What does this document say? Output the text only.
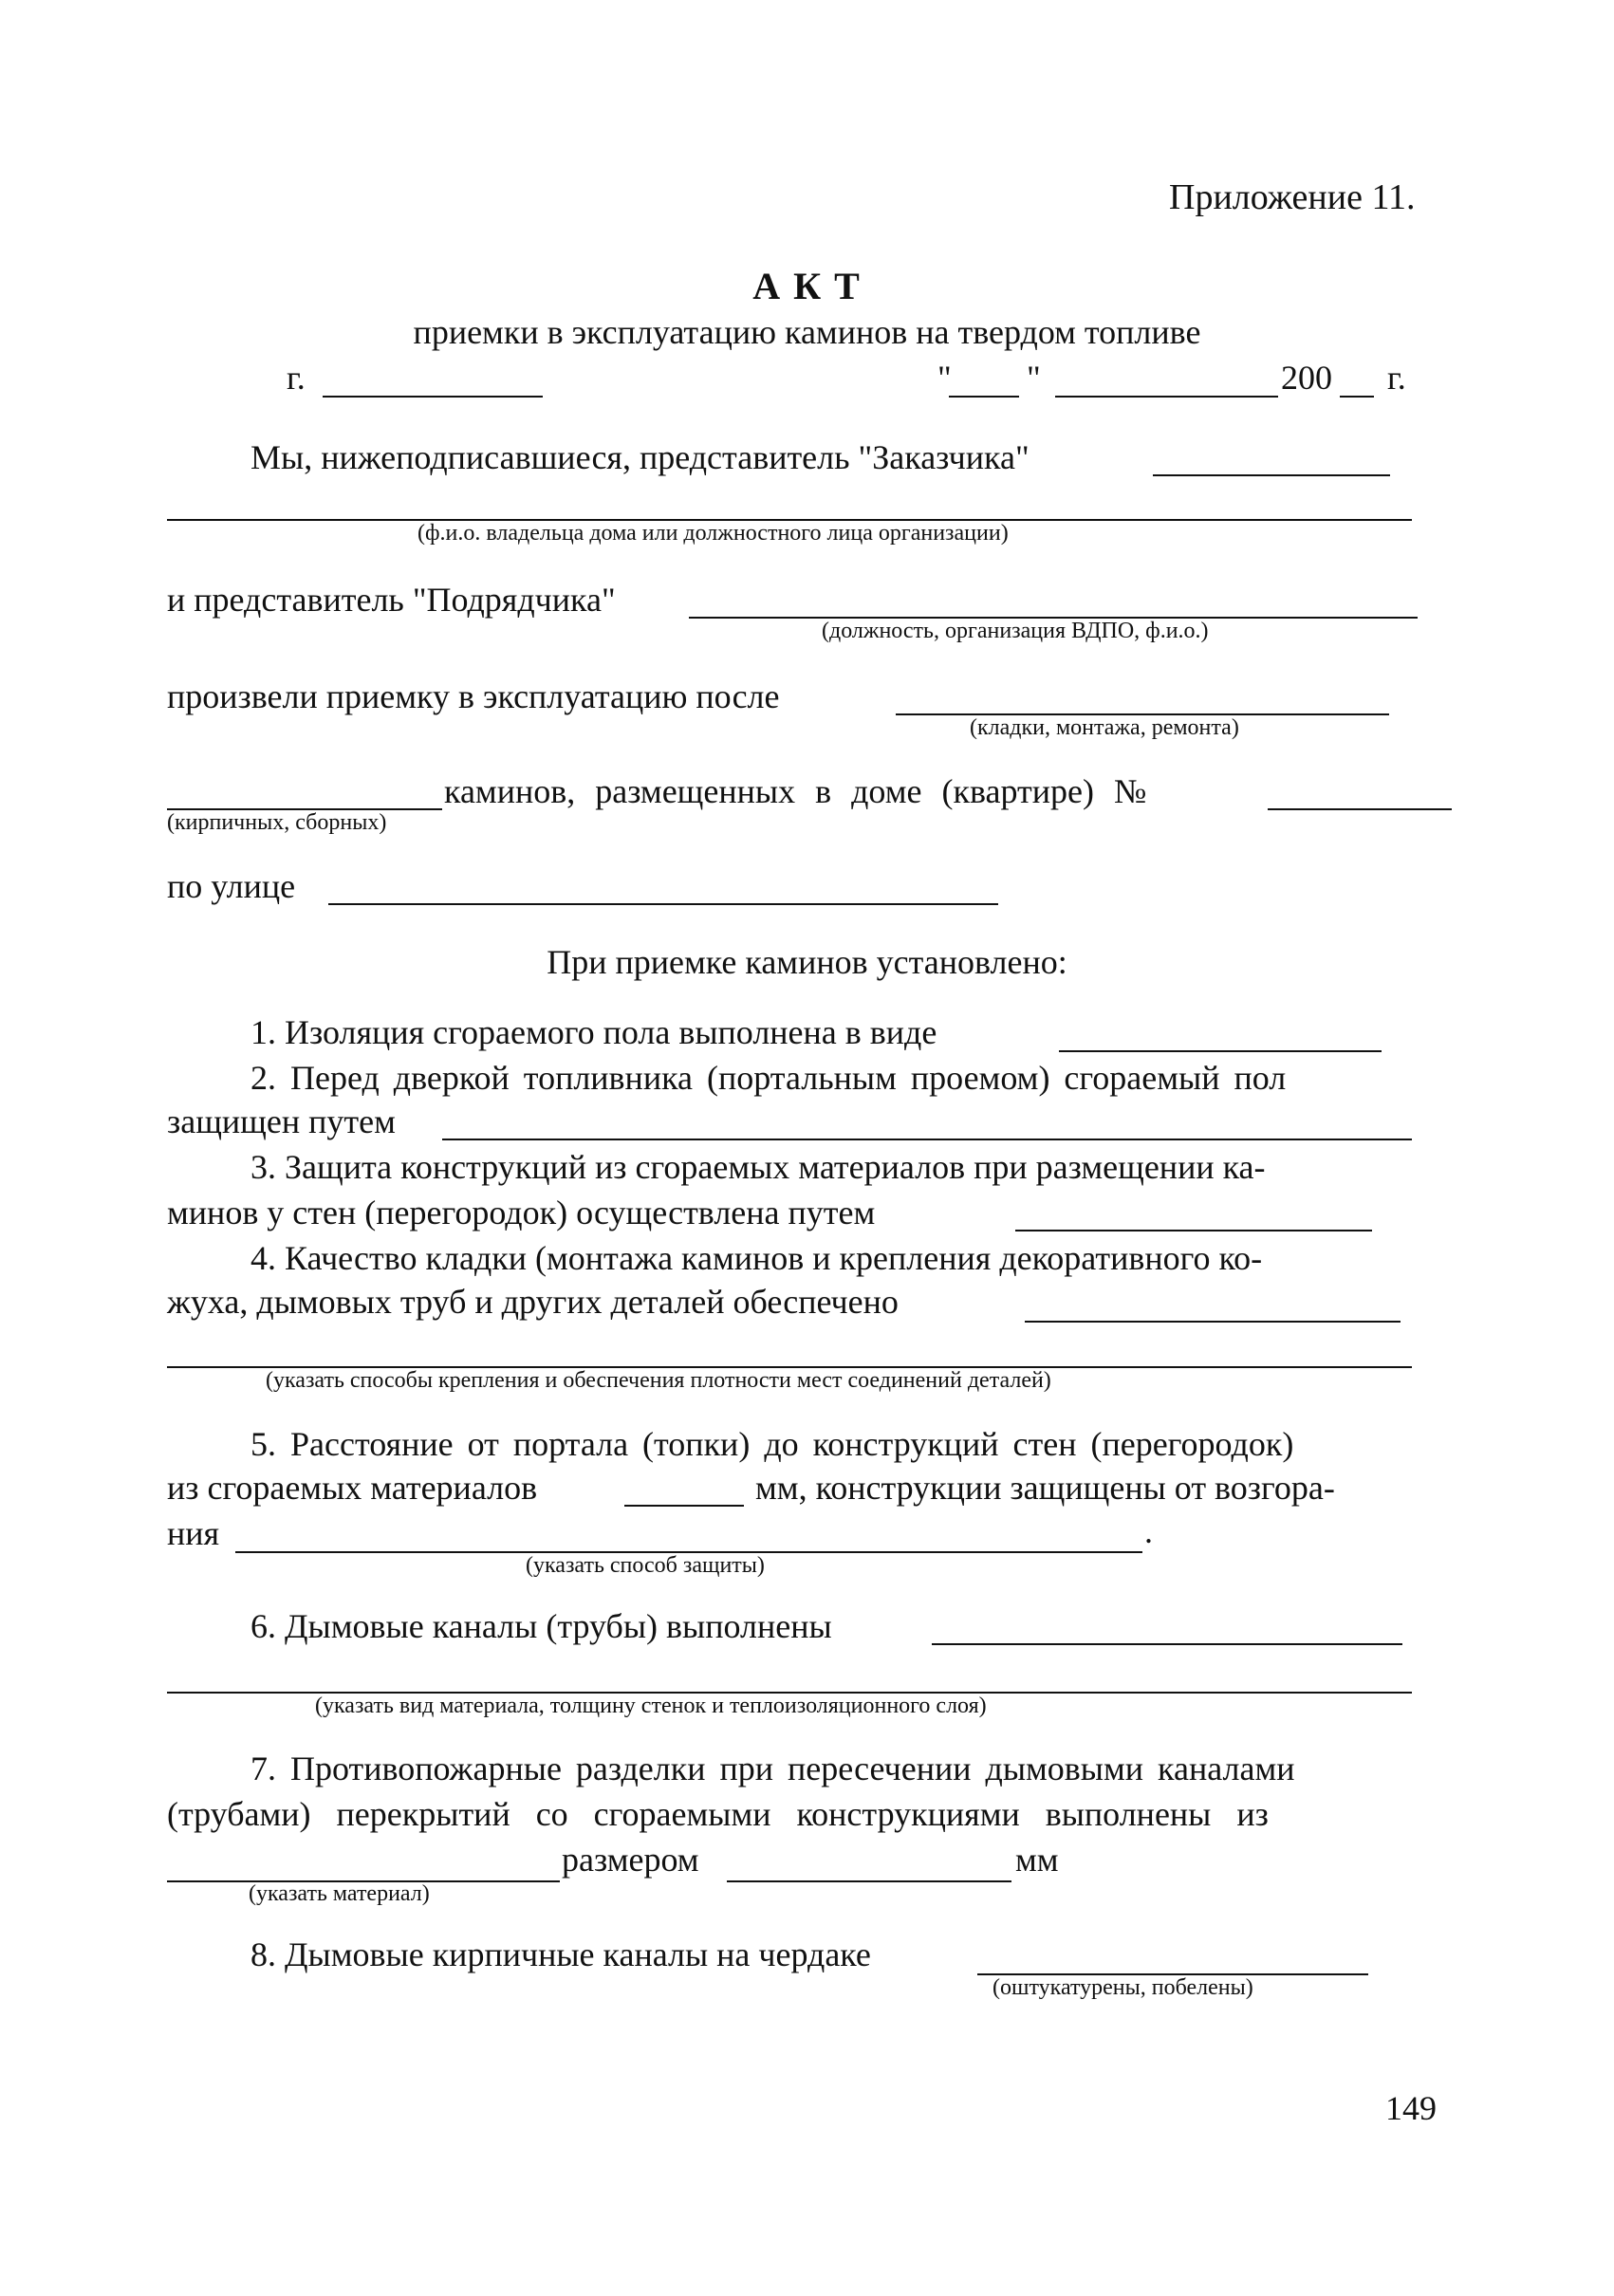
Приложение 11.
А К Т
приемки в эксплуатацию каминов на твердом топливе
г.	" "	200 г.
Мы, нижеподписавшиеся, представитель "Заказчика"
(ф.и.о. владельца дома или должностного лица организации)
и представитель "Подрядчика"
(должность, организация ВДПО, ф.и.о.)
произвели приемку в эксплуатацию после
(кладки, монтажа, ремонта)
каминов, размещенных в доме (квартире) №
(кирпичных, сборных)
по улице
При приемке каминов установлено:
1. Изоляция сгораемого пола выполнена в виде
2. Перед дверкой топливника (портальным проемом) сгораемый пол
защищен путем
3. Защита конструкций из сгораемых материалов при размещении ка-
минов у стен (перегородок) осуществлена путем
4. Качество кладки (монтажа каминов и крепления декоративного ко-
жуха, дымовых труб и других деталей обеспечено
(указать способы крепления и обеспечения плотности мест соединений деталей)
5. Расстояние от портала (топки) до конструкций стен (перегородок)
из сгораемых материалов	мм, конструкции защищены от возгора-
ния	.
(указать способ защиты)
6. Дымовые каналы (трубы) выполнены
(указать вид материала, толщину стенок и теплоизоляционного слоя)
7. Противопожарные разделки при пересечении дымовыми каналами
(трубами) перекрытий со сгораемыми конструкциями выполнены из
размером	мм
(указать материал)
8. Дымовые кирпичные каналы на чердаке
(оштукатурены, побелены)
149
